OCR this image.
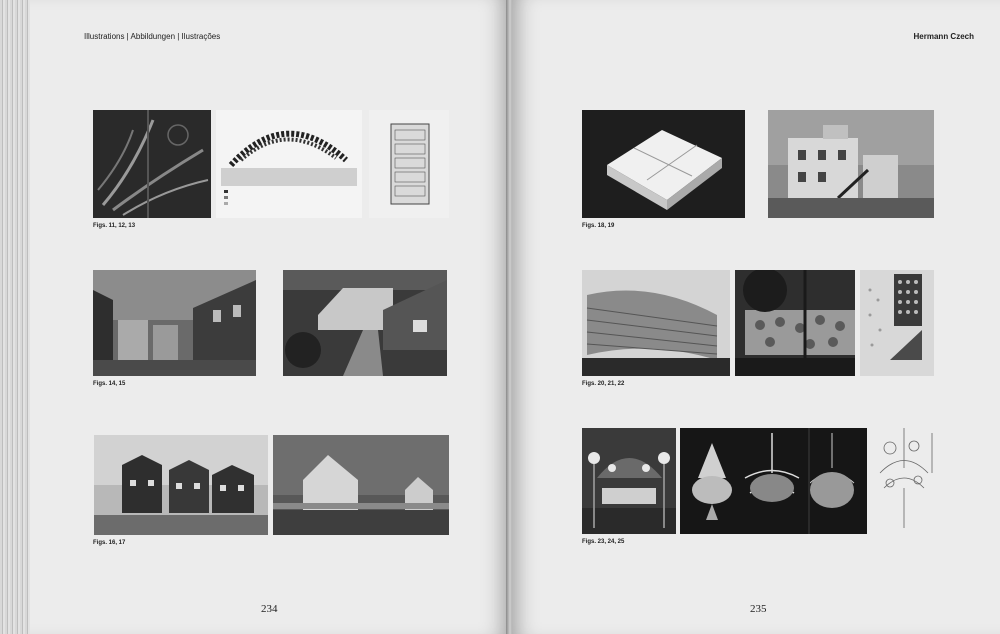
Illustrations | Abbildungen | Ilustrações
Figs. 11, 12, 13
Figs. 14, 15
Figs. 16, 17
234
Hermann Czech
Figs. 18, 19
Figs. 20, 21, 22
Figs. 23, 24, 25
235
